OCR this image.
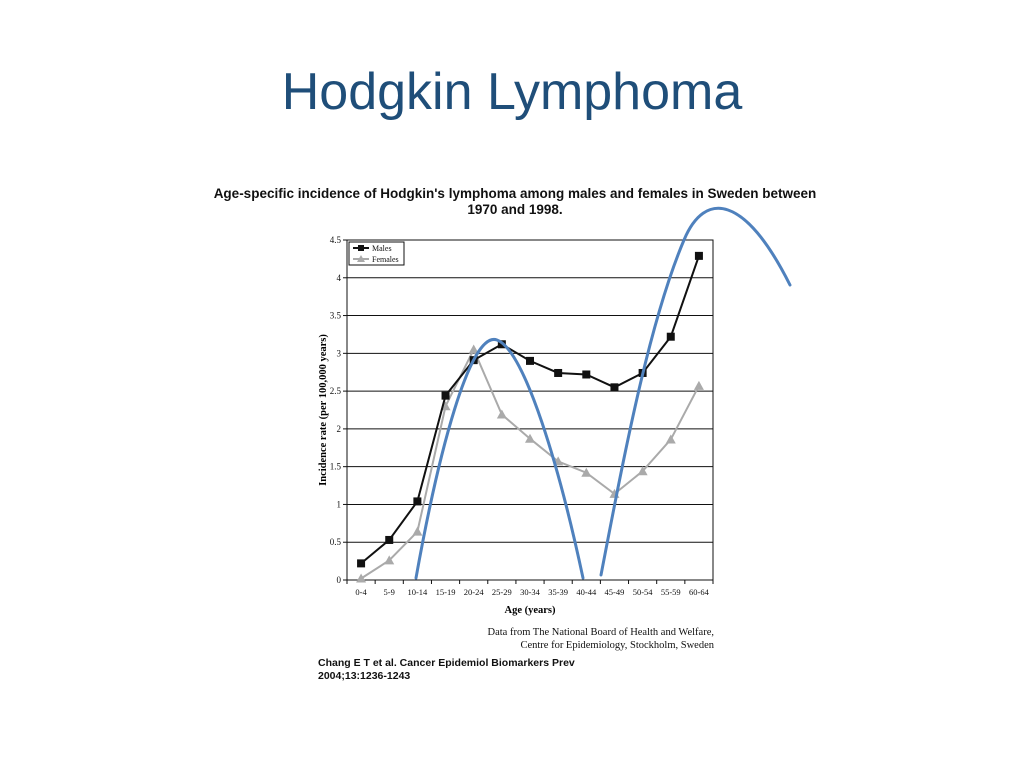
Hodgkin Lymphoma
Age-specific incidence of Hodgkin's lymphoma among males and females in Sweden between
1970 and 1998.
0
0.5
1
1.5
2
2.5
3
3.5
4
4.5
0-4 5-9 10-14 15-19 20-24 25-29 30-34 35-39 40-44 45-49 50-54 55-59 60-64
Males
Females
Age (years)
Incidence rate (per 100,000 years)
Data from The National Board of Health and Welfare,
Centre for Epidemiology, Stockholm, Sweden
Chang E T et al. Cancer Epidemiol Biomarkers Prev
2004;13:1236-1243
